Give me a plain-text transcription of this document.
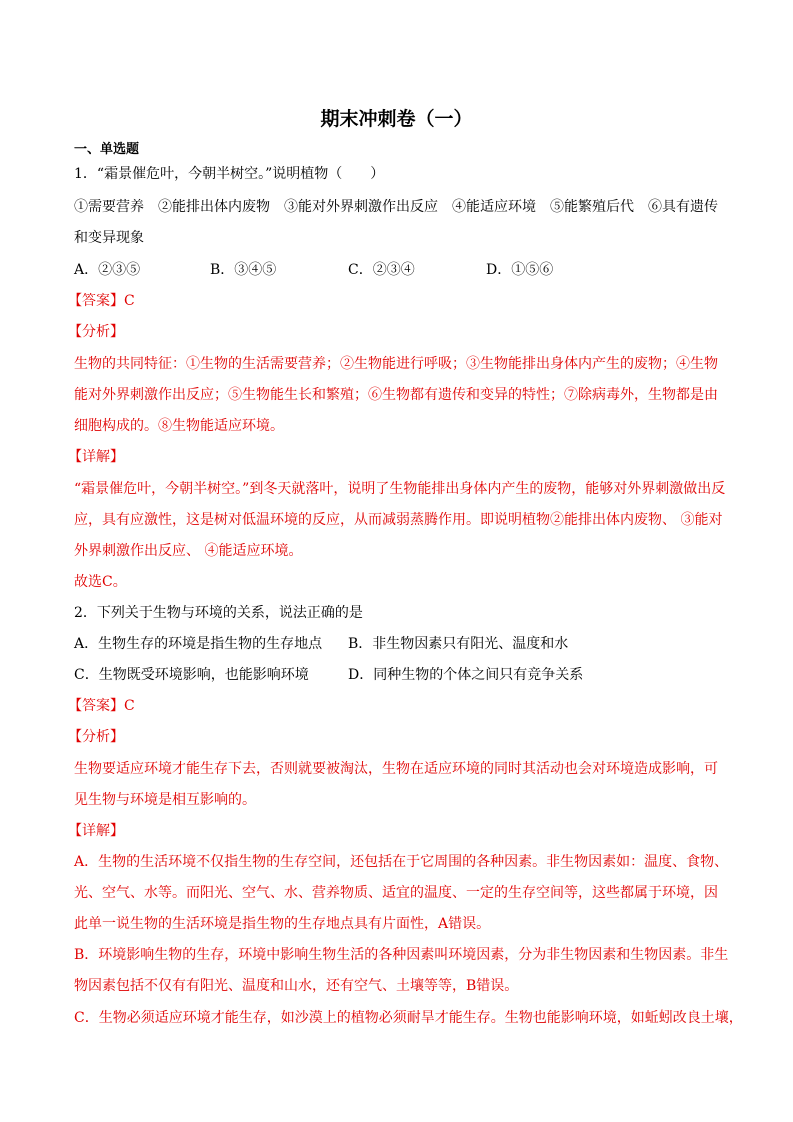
期末冲刺卷（一）
一、单选题
1．“霜景催危叶，今朝半树空。”说明植物（　　）
①需要营养　②能排出体内废物　③能对外界刺激作出反应　④能适应环境　⑤能繁殖后代　⑥具有遗传
和变异现象
A．②③⑤	B．③④⑤	C．②③④	D．①⑤⑥
【答案】C
【分析】
生物的共同特征：①生物的生活需要营养；②生物能进行呼吸；③生物能排出身体内产生的废物；④生物
能对外界刺激作出反应；⑤生物能生长和繁殖；⑥生物都有遗传和变异的特性；⑦除病毒外，生物都是由
细胞构成的。⑧生物能适应环境。
【详解】
“霜景催危叶，今朝半树空。”到冬天就落叶，说明了生物能排出身体内产生的废物，能够对外界刺激做出反
应，具有应激性，这是树对低温环境的反应，从而减弱蒸腾作用。即说明植物②能排出体内废物、 ③能对
外界刺激作出反应、 ④能适应环境。
故选C。
2．下列关于生物与环境的关系，说法正确的是
A．生物生存的环境是指生物的生存地点 B．非生物因素只有阳光、温度和水
C．生物既受环境影响，也能影响环境	D．同种生物的个体之间只有竞争关系
【答案】C
【分析】
生物要适应环境才能生存下去，否则就要被淘汰，生物在适应环境的同时其活动也会对环境造成影响，可
见生物与环境是相互影响的。
【详解】
A．生物的生活环境不仅指生物的生存空间，还包括在于它周围的各种因素。非生物因素如：温度、食物、
光、空气、水等。而阳光、空气、水、营养物质、适宜的温度、一定的生存空间等，这些都属于环境，因
此单一说生物的生活环境是指生物的生存地点具有片面性，A错误。
B．环境影响生物的生存，环境中影响生物生活的各种因素叫环境因素，分为非生物因素和生物因素。非生
物因素包括不仅有有阳光、温度和山水，还有空气、土壤等等，B错误。
C．生物必须适应环境才能生存，如沙漠上的植物必须耐旱才能生存。生物也能影响环境，如蚯蚓改良土壤，
